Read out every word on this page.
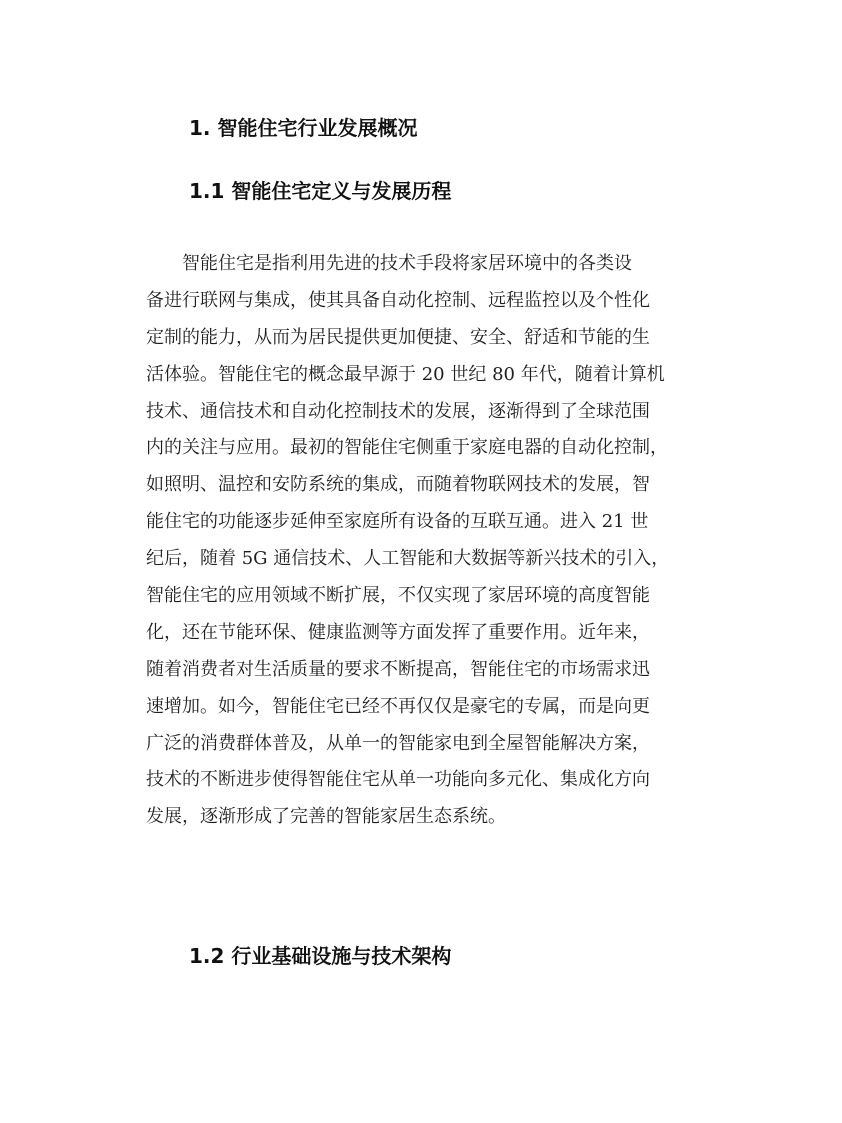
1. 智能住宅行业发展概况
1.1 智能住宅定义与发展历程
　　智能住宅是指利用先进的技术手段将家居环境中的各类设
备进行联网与集成，使其具备自动化控制、远程监控以及个性化
定制的能力，从而为居民提供更加便捷、安全、舒适和节能的生
活体验。智能住宅的概念最早源于 20 世纪 80 年代，随着计算机
技术、通信技术和自动化控制技术的发展，逐渐得到了全球范围
内的关注与应用。最初的智能住宅侧重于家庭电器的自动化控制，
如照明、温控和安防系统的集成，而随着物联网技术的发展，智
能住宅的功能逐步延伸至家庭所有设备的互联互通。进入 21 世
纪后，随着 5G 通信技术、人工智能和大数据等新兴技术的引入，
智能住宅的应用领域不断扩展，不仅实现了家居环境的高度智能
化，还在节能环保、健康监测等方面发挥了重要作用。近年来，
随着消费者对生活质量的要求不断提高，智能住宅的市场需求迅
速增加。如今，智能住宅已经不再仅仅是豪宅的专属，而是向更
广泛的消费群体普及，从单一的智能家电到全屋智能解决方案，
技术的不断进步使得智能住宅从单一功能向多元化、集成化方向
发展，逐渐形成了完善的智能家居生态系统。
1.2 行业基础设施与技术架构
